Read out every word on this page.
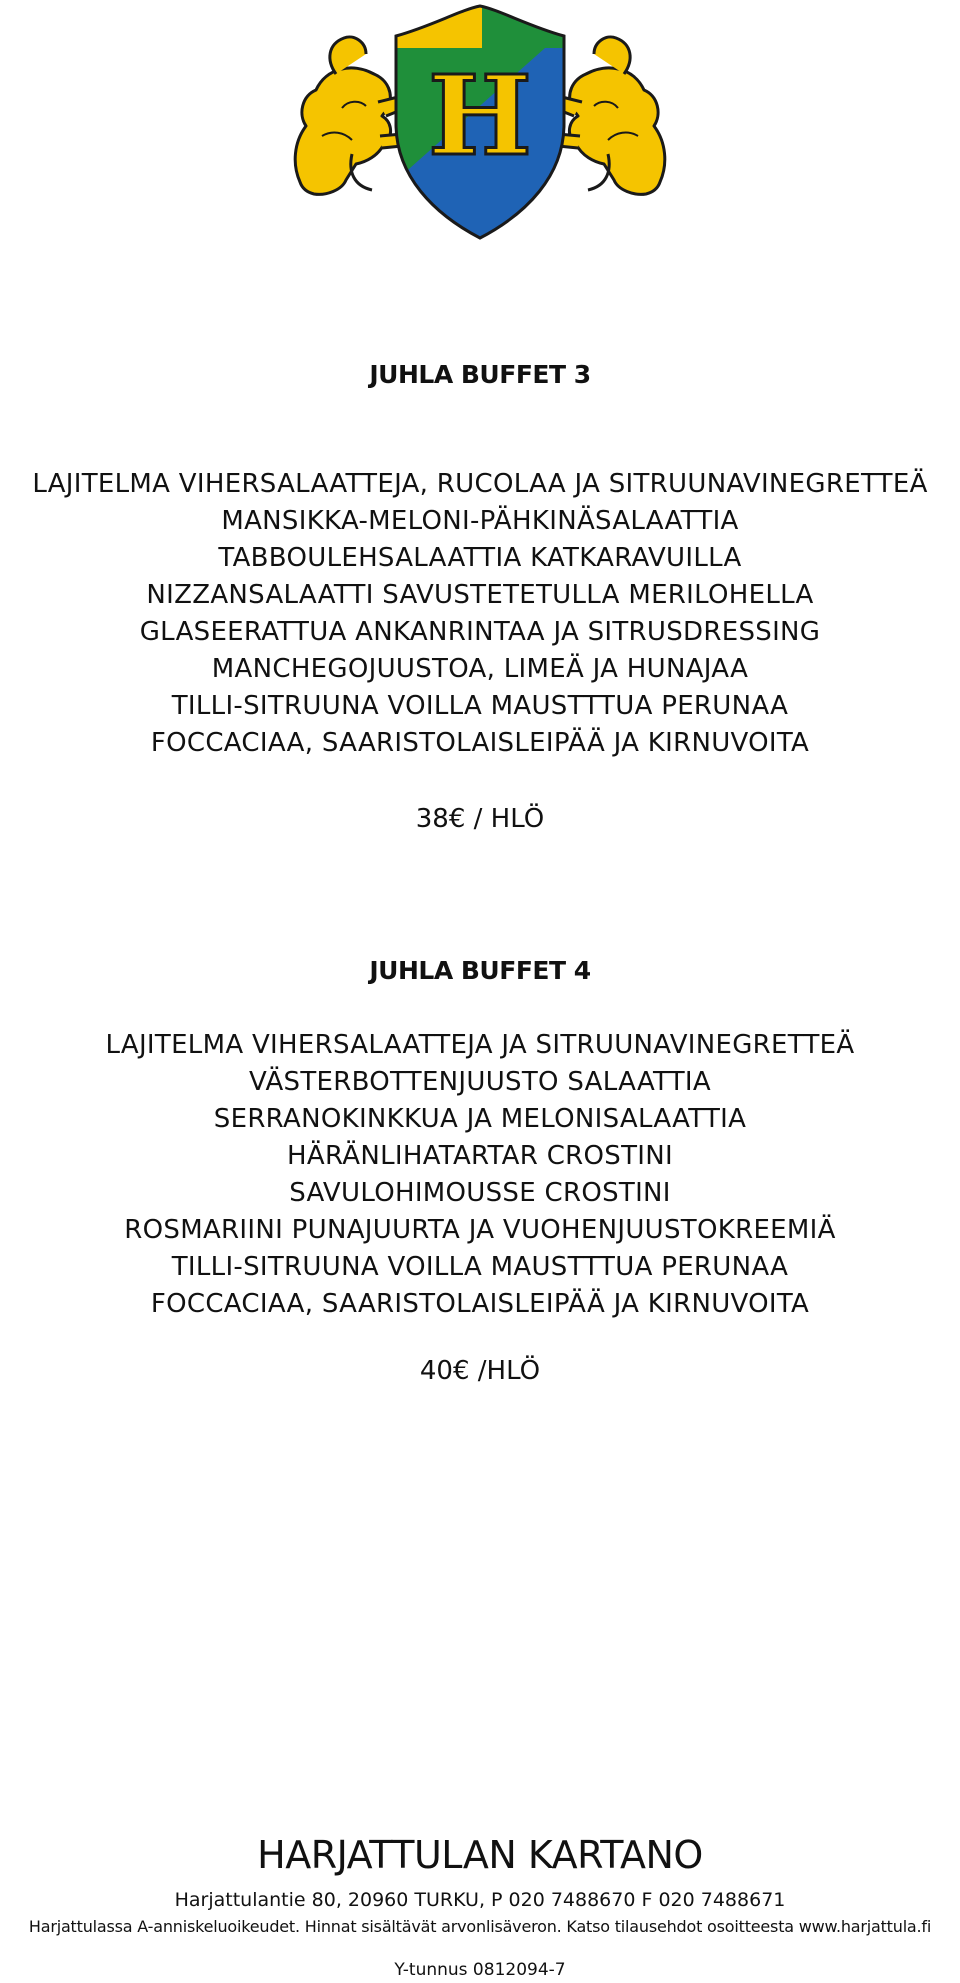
H
JUHLA BUFFET 3
LAJITELMA VIHERSALAATTEJA, RUCOLAA JA SITRUUNAVINEGRETTEÄ
MANSIKKA-MELONI-PÄHKINÄSALAATTIA
TABBOULEHSALAATTIA KATKARAVUILLA
NIZZANSALAATTI SAVUSTETETULLA MERILOHELLA
GLASEERATTUA ANKANRINTAA JA SITRUSDRESSING
MANCHEGOJUUSTOA, LIMEÄ JA HUNAJAA
TILLI-SITRUUNA VOILLA MAUSTTTUA PERUNAA
FOCCACIAA, SAARISTOLAISLEIPÄÄ JA KIRNUVOITA
38€ / HLÖ
JUHLA BUFFET 4
LAJITELMA VIHERSALAATTEJA JA SITRUUNAVINEGRETTEÄ
VÄSTERBOTTENJUUSTO SALAATTIA
SERRANOKINKKUA JA MELONISALAATTIA
HÄRÄNLIHATARTAR CROSTINI
SAVULOHIMOUSSE CROSTINI
ROSMARIINI PUNAJUURTA JA VUOHENJUUSTOKREEMIÄ
TILLI-SITRUUNA VOILLA MAUSTTTUA PERUNAA
FOCCACIAA, SAARISTOLAISLEIPÄÄ JA KIRNUVOITA
40€ /HLÖ
HARJATTULAN KARTANO
Harjattulantie 80, 20960 TURKU, P 020 7488670 F 020 7488671
Harjattulassa A-anniskeluoikeudet. Hinnat sisältävät arvonlisäveron. Katso tilausehdot osoitteesta www.harjattula.fi
Y-tunnus 0812094-7
